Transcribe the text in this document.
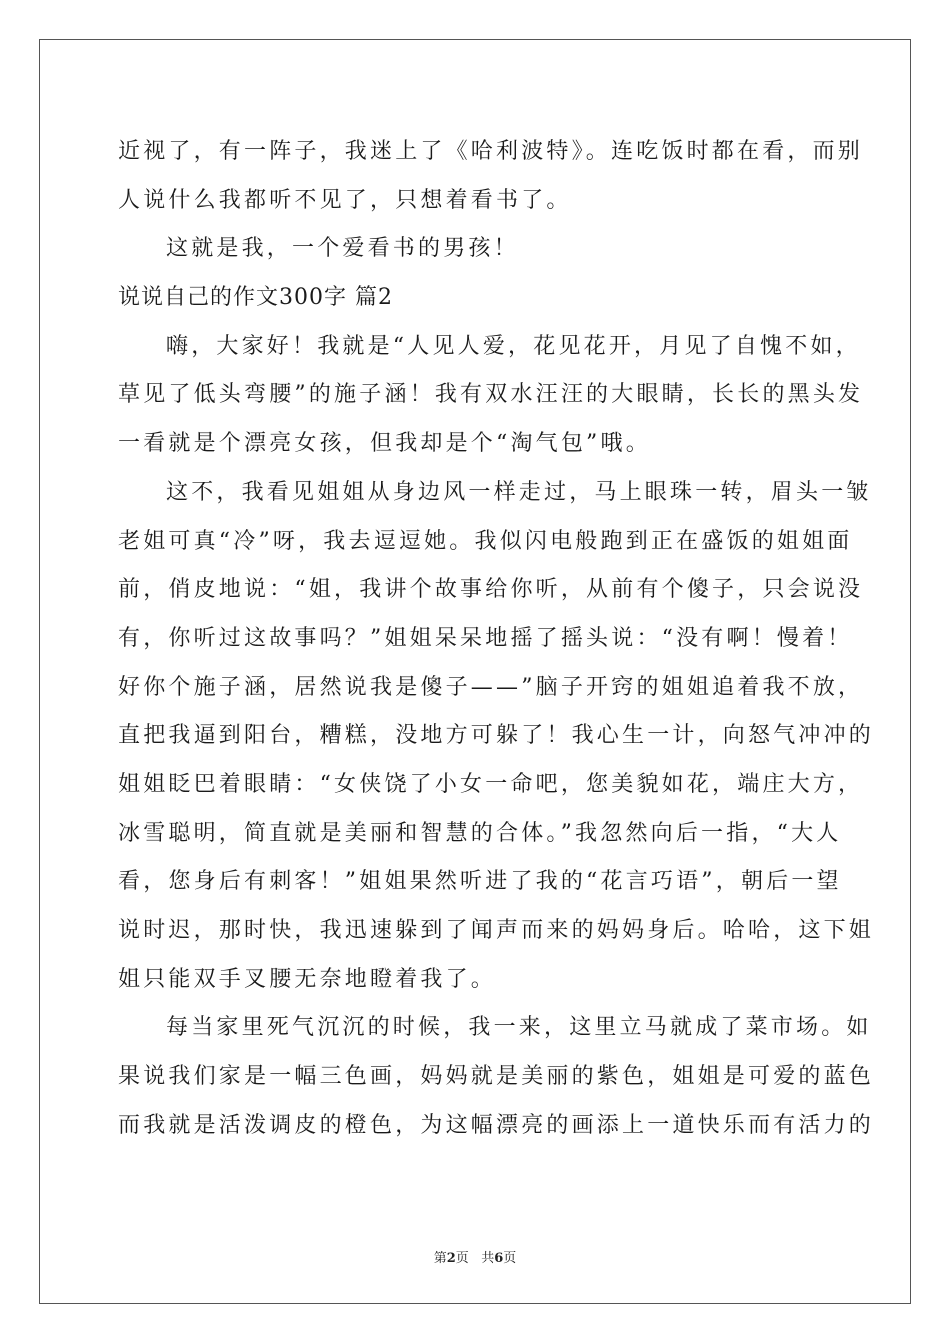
近视了，有一阵子，我迷上了《哈利波特》。连吃饭时都在看，而别
人说什么我都听不见了，只想着看书了。
这就是我，一个爱看书的男孩！
说说自己的作文300字 篇2
嗨，大家好！我就是“人见人爱，花见花开，月见了自愧不如，
草见了低头弯腰”的施子涵！我有双水汪汪的大眼睛，长长的黑头发
一看就是个漂亮女孩，但我却是个“淘气包”哦。
这不，我看见姐姐从身边风一样走过，马上眼珠一转，眉头一皱
老姐可真“冷”呀，我去逗逗她。我似闪电般跑到正在盛饭的姐姐面
前，俏皮地说：“姐，我讲个故事给你听，从前有个傻子，只会说没
有，你听过这故事吗？”姐姐呆呆地摇了摇头说：“没有啊！慢着！
好你个施子涵，居然说我是傻子——”脑子开窍的姐姐追着我不放，
直把我逼到阳台，糟糕，没地方可躲了！我心生一计，向怒气冲冲的
姐姐眨巴着眼睛：“女侠饶了小女一命吧，您美貌如花，端庄大方，
冰雪聪明，简直就是美丽和智慧的合体。”我忽然向后一指，“大人
看，您身后有刺客！”姐姐果然听进了我的“花言巧语”，朝后一望
说时迟，那时快，我迅速躲到了闻声而来的妈妈身后。哈哈，这下姐
姐只能双手叉腰无奈地瞪着我了。
每当家里死气沉沉的时候，我一来，这里立马就成了菜市场。如
果说我们家是一幅三色画，妈妈就是美丽的紫色，姐姐是可爱的蓝色
而我就是活泼调皮的橙色，为这幅漂亮的画添上一道快乐而有活力的
第2页 共6页
